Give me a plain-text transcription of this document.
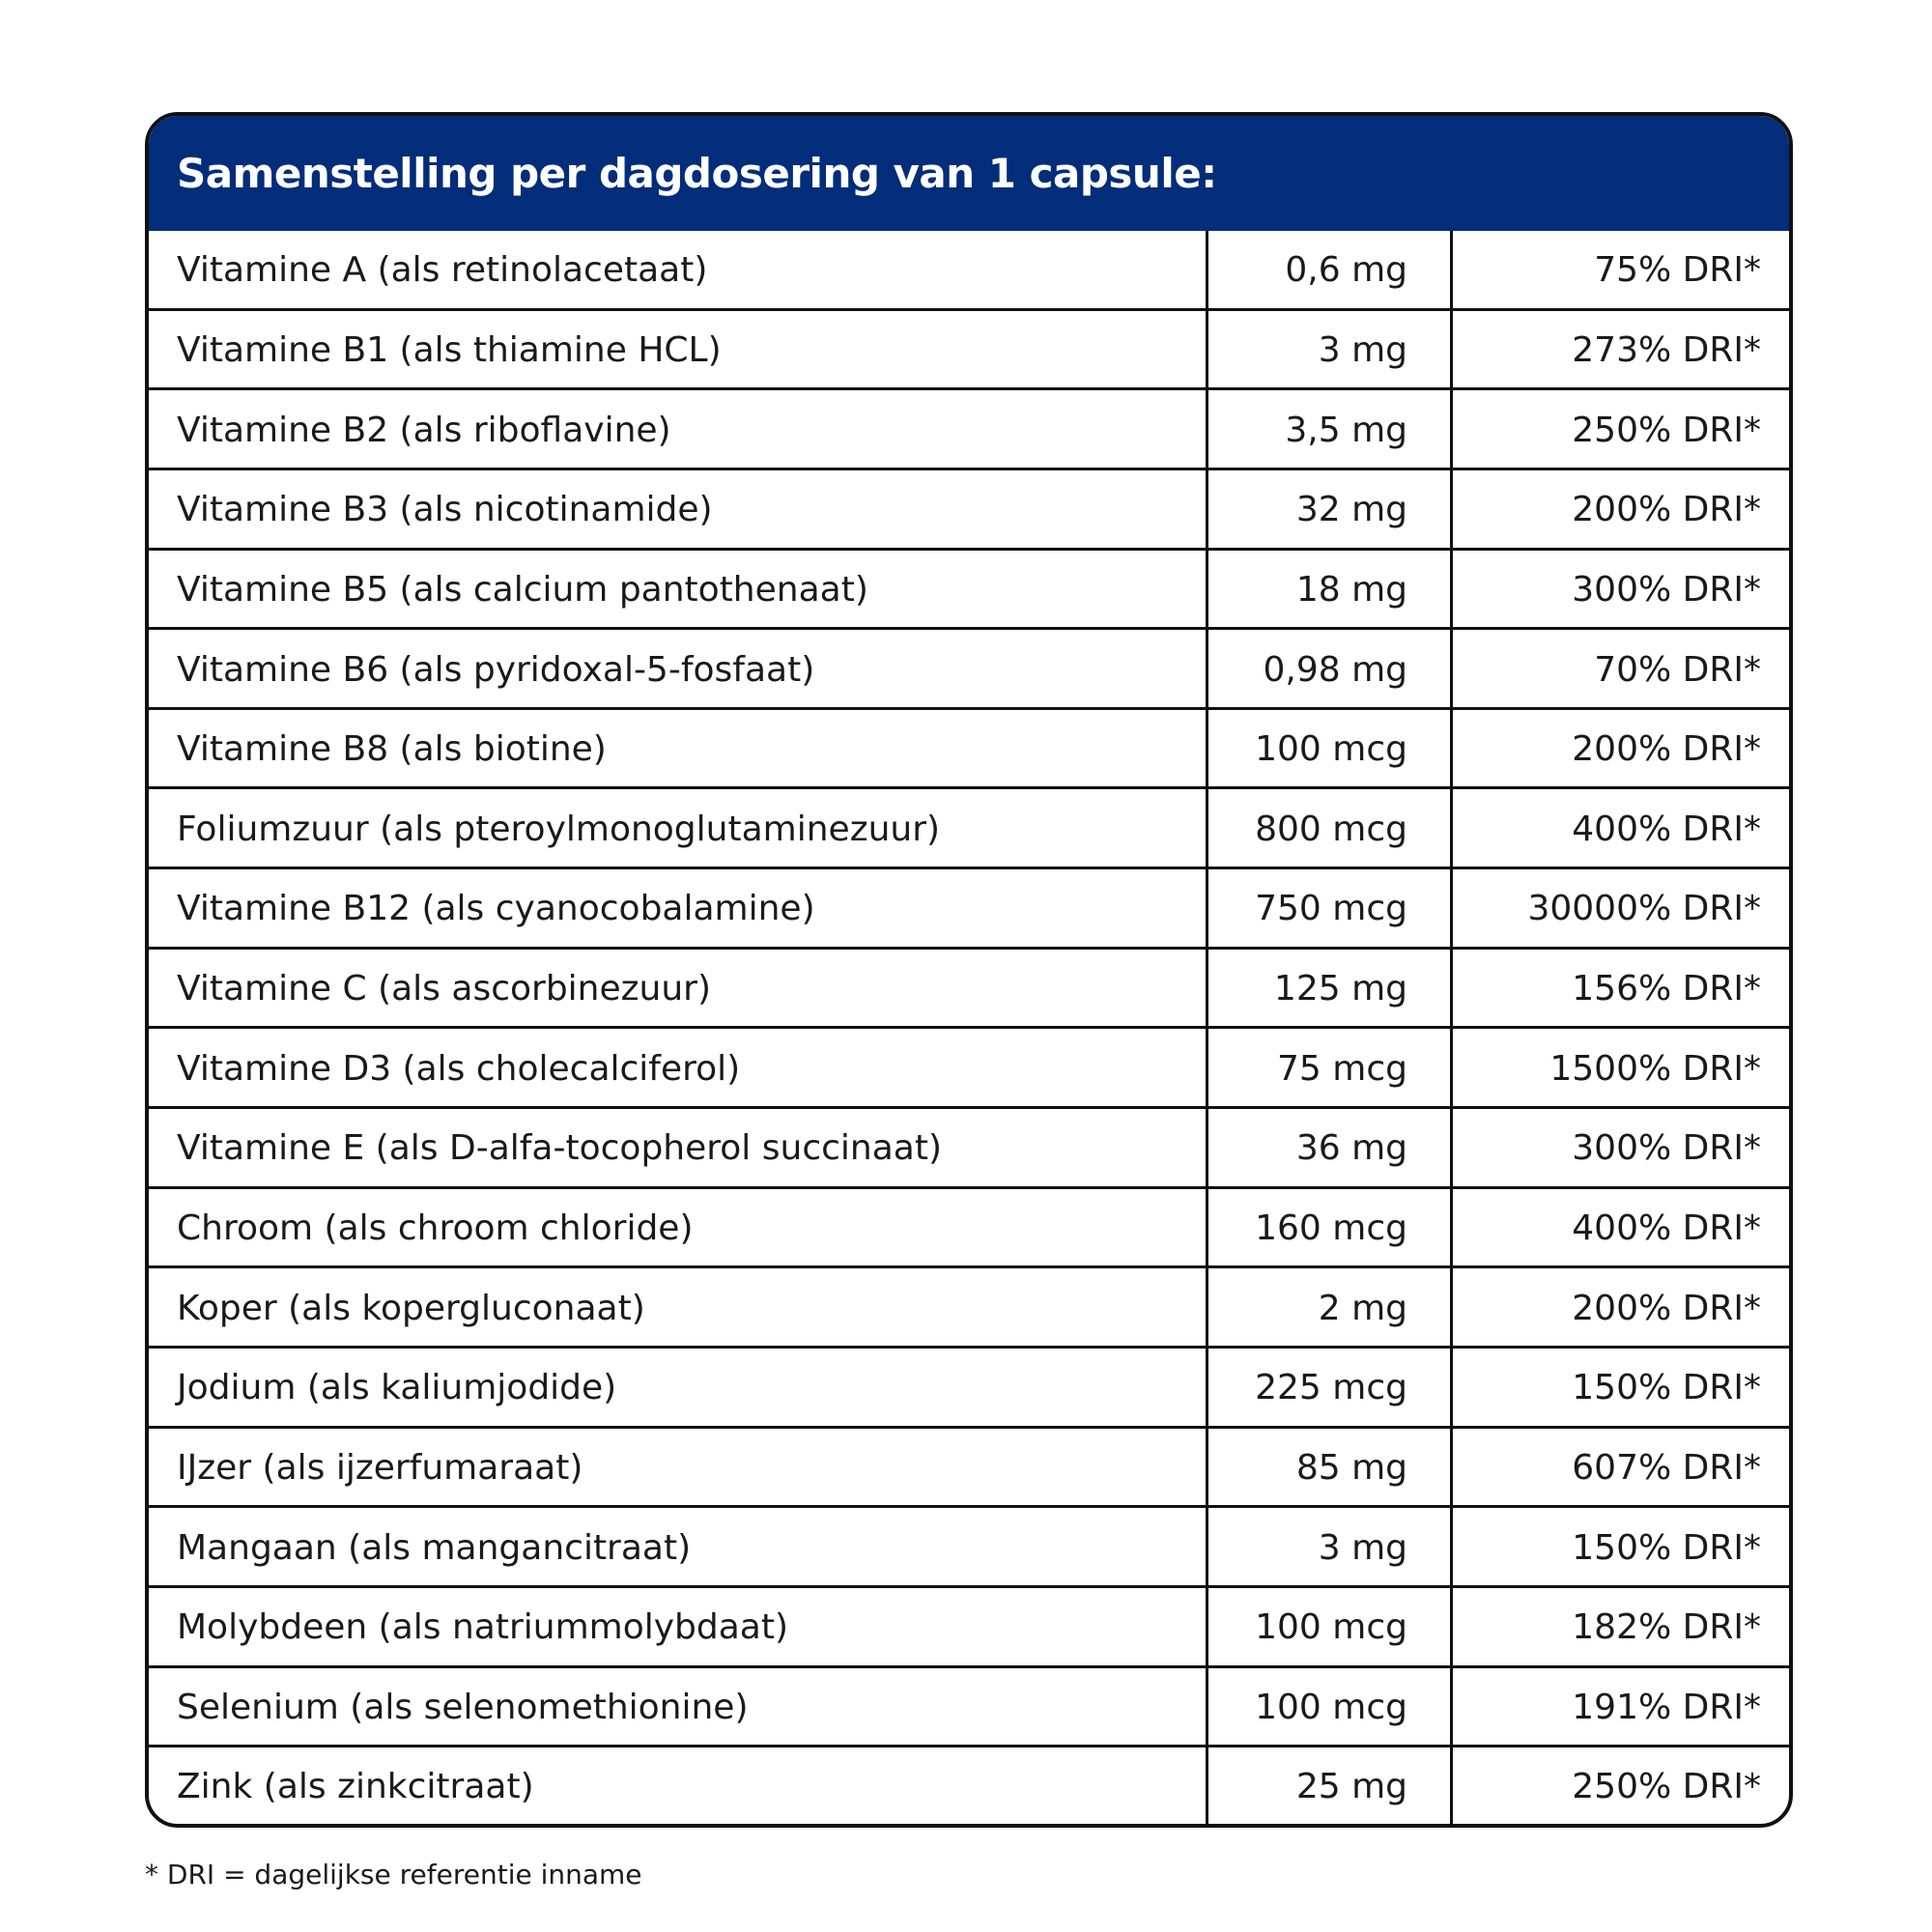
Samenstelling per dagdosering van 1 capsule:
Vitamine A (als retinolacetaat)	0,6 mg	75% DRI*
Vitamine B1 (als thiamine HCL)	3 mg	273% DRI*
Vitamine B2 (als riboflavine)	3,5 mg	250% DRI*
Vitamine B3 (als nicotinamide)	32 mg	200% DRI*
Vitamine B5 (als calcium pantothenaat)	18 mg	300% DRI*
Vitamine B6 (als pyridoxal-5-fosfaat)	0,98 mg	70% DRI*
Vitamine B8 (als biotine)	100 mcg	200% DRI*
Foliumzuur (als pteroylmonoglutaminezuur)	800 mcg	400% DRI*
Vitamine B12 (als cyanocobalamine)	750 mcg	30000% DRI*
Vitamine C (als ascorbinezuur)	125 mg	156% DRI*
Vitamine D3 (als cholecalciferol)	75 mcg	1500% DRI*
Vitamine E (als D-alfa-tocopherol succinaat)	36 mg	300% DRI*
Chroom (als chroom chloride)	160 mcg	400% DRI*
Koper (als kopergluconaat)	2 mg	200% DRI*
Jodium (als kaliumjodide)	225 mcg	150% DRI*
IJzer (als ijzerfumaraat)	85 mg	607% DRI*
Mangaan (als mangancitraat)	3 mg	150% DRI*
Molybdeen (als natriummolybdaat)	100 mcg	182% DRI*
Selenium (als selenomethionine)	100 mcg	191% DRI*
Zink (als zinkcitraat)	25 mg	250% DRI*
* DRI = dagelijkse referentie inname
